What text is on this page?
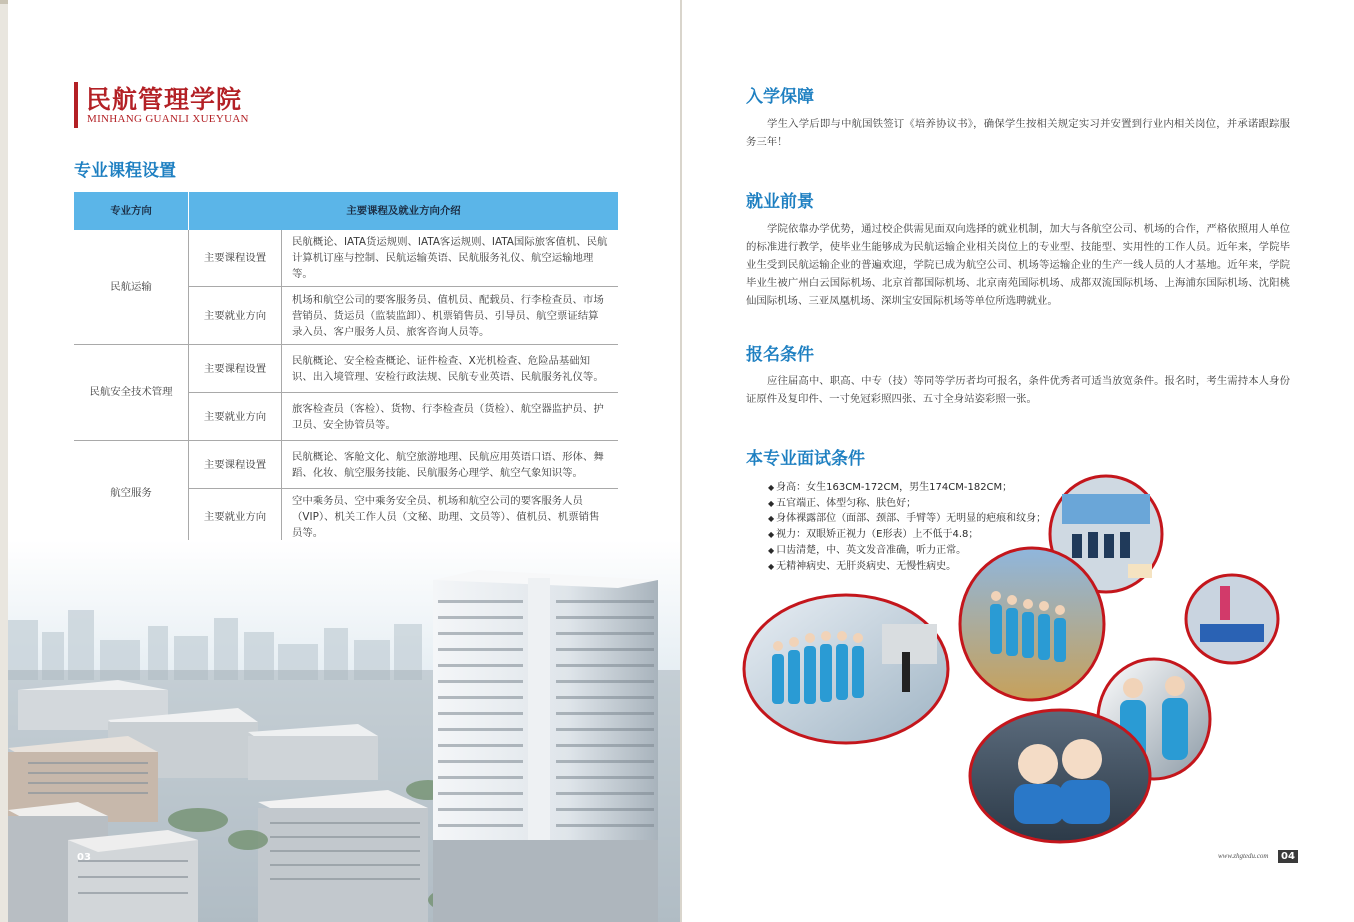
民航管理学院
MINHANG GUANLI XUEYUAN
专业课程设置
专业方向	主要课程及就业方向介绍	
民航运输	主要课程设置	民航概论、IATA货运规则、IATA客运规则、IATA国际旅客值机、民航计算机订座与控制、民航运输英语、民航服务礼仪、航空运输地理等。
	主要就业方向	机场和航空公司的要客服务员、值机员、配载员、行李检查员、市场营销员、货运员（监装监卸）、机票销售员、引导员、航空票证结算录入员、客户服务人员、旅客咨询人员等。
民航安全技术管理	主要课程设置	民航概论、安全检查概论、证件检查、X光机检查、危险品基础知识、出入境管理、安检行政法规、民航专业英语、民航服务礼仪等。
	主要就业方向	旅客检查员（客检）、货物、行李检查员（货检）、航空器监护员、护卫员、安全协管员等。
航空服务	主要课程设置	民航概论、客舱文化、航空旅游地理、民航应用英语口语、形体、舞蹈、化妆、航空服务技能、民航服务心理学、航空气象知识等。
	主要就业方向	空中乘务员、空中乘务安全员、机场和航空公司的要客服务人员（VIP）、机关工作人员（文秘、助理、文员等）、值机员、机票销售员等。
03
入学保障
学生入学后即与中航国铁签订《培养协议书》，确保学生按相关规定实习并安置到行业内相关岗位，并承诺跟踪服务三年！
就业前景
学院依靠办学优势，通过校企供需见面双向选择的就业机制，加大与各航空公司、机场的合作，严格依照用人单位的标准进行教学，使毕业生能够成为民航运输企业相关岗位上的专业型、技能型、实用性的工作人员。近年来，学院毕业生受到民航运输企业的普遍欢迎，学院已成为航空公司、机场等运输企业的生产一线人员的人才基地。近年来，学院毕业生被广州白云国际机场、北京首都国际机场、北京南苑国际机场、成都双流国际机场、上海浦东国际机场、沈阳桃仙国际机场、三亚凤凰机场、深圳宝安国际机场等单位所选聘就业。
报名条件
应往届高中、职高、中专（技）等同等学历者均可报名，条件优秀者可适当放宽条件。报名时，考生需持本人身份证原件及复印件、一寸免冠彩照四张、五寸全身站姿彩照一张。
本专业面试条件
◆ 身高：女生163CM-172CM，男生174CM-182CM；
◆ 五官端正、体型匀称、肤色好；
◆ 身体裸露部位（面部、颈部、手臂等）无明显的疤痕和纹身；
◆ 视力：双眼矫正视力（E形表）上不低于4.8；
◆ 口齿清楚，中、英文发音准确，听力正常。
◆ 无精神病史、无肝炎病史、无慢性病史。
www.zhgtedu.com	04
